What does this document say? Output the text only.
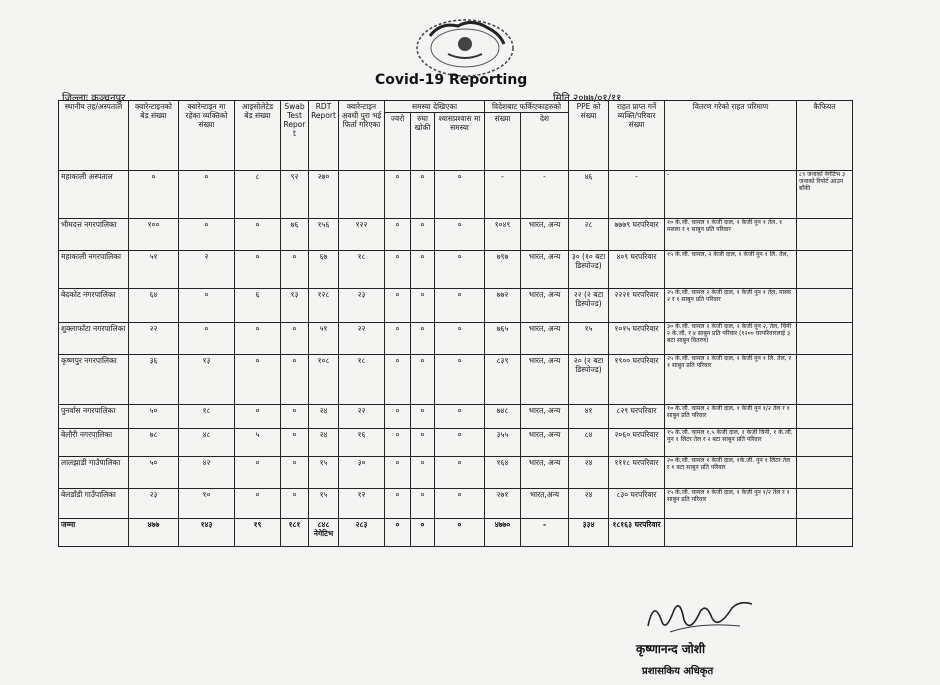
Covid-19 Reporting
जिल्लाः कञ्चनपुर	मिति २०७७/०१/११
स्थानीय तह/अस्पताल	क्वारेन्टाइनको बेड संख्या	क्वारेन्टाइन मा रहेका व्यक्तिको संख्या	आइसोलेटेड बेड संख्या	Swab Test Report	RDT Report	क्वारेन्टाइन अवधी पुरा भई फिर्ता गरिएका	समस्या देखिएका			विदेशबाट फर्किएकाहरुको		PPE को संख्या	राहत प्राप्त गर्ने व्यक्ति/परिवार संख्या	वितरण गरेको राहत परिमाण	कैफियत
							ज्वरो	रुघा खोकी	श्वासप्रश्वास मा समस्या	संख्या	देश				
महाकाली अस्पताल	०	०	८	९२	२७०		०	०	०	-	-	४६	-	-	८९ जनाको नेगेटिभ ३ जनाको रिपोर्ट आउन बाँकी
भीमदत्त नगरपालिका	१००	०	०	७६	१५६	१२२	०	०	०	१०४९	भारत, अन्य	२८	७७७९ घरपरिवार	१० के.जी. चामल १ केजी दाल, १ केजी नुन १ तेल, १ मसला र १ साबुन प्रति परिवार	
महाकाली नगरपालिका	५१	२	०	०	६७	१८	०	०	०	७९७	भारत, अन्य	३० (१० बटा डिस्पोज्ड)	४०९ घरपरिवार	१५ के.जी. चामल, २ केजी दाल, १ केजी नुन १ लि. तेल,	
बेदकोट नगरपालिका	६४	०	६	१३	१२८	२३	०	०	०	७७२	भारत, अन्य	२२ (२ बटा डिस्पोज्ड)	२२२१ घरपरिवार	२५ के.जी. चामल २ केजी दाल, १ केजी नुन १ तेल, मास्क २ र १ साबुन प्रति परिवार	
शुक्लाफाँटा नगरपालिका	२२	०	०	०	५१	२२	०	०	०	७६५	भारत, अन्य	१५	१०१५ घरपरिवार	३० के.जी. चामल २ केजी दाल, २ केजी नुन २, तेल, चिनी २ के.जी. र ४ साबुन प्रति परिवार (१२०० घरपरिवारलाई ३ बटा साबुन वितरण)	
कृष्णपुर नगरपालिका	३६	१३	०	०	१०८	१८	०	०	०	८३९	भारत, अन्य	२० (२ बटा डिस्पोज्ड)	१९०० घरपरिवार	२५ के.जी. चामल २ केजी दाल, १ केजी नुन १ लि. तेल, र १ साबुन प्रति परिवार	
पुनर्वास नगरपालिका	५०	१८	०	०	२४	२२	०	०	०	७४८	भारत, अन्य	४१	८२९ घरपरिवार	१० के.जी. चामल २ केजी दाल, १ केजी नुन १/२ तेल र १ साबुन प्रति परिवार	
बेलौरी नगरपालिका	७८	४८	५	०	२४	१६	०	०	०	३५५	भारत, अन्य	८४	२०६० घरपरिवार	१५ के.जी. चामल १.५ केजी दाल, १ केजी चिनी, १ के.जी. नुन १ लिटर तेल र २ बटा साबुन प्रति परिवार	
लालझाडी गाउँपालिका	५०	४२	०	०	१५	३०	०	०	०	१६४	भारत, अन्य	२४	१११८ घरपरिवार	२० के.जी. चामल १ केजी दाल, १के.जी. नुन १ लिटर तेल र १ बटा साबुन प्रति परिवार	
बेलडाँडी गाउँपालिका	२३	१०	०	०	१५	१२	०	०	०	२७१	भारत,अन्य	२४	८३० घरपरिवार	१५ के.जी. चामल १ केजी दाल, १ केजी नुन १/२ तेल र १ साबुन प्रति परिवार	
जम्मा	४७७	१४३	१९	१८१	८४८ नेगेटिभ	२८३	०	०	०	४७७०	-	३३४	१८१६३ घरपरिवार		
कृष्णानन्द जोशी
प्रशासकिय अधिकृत
